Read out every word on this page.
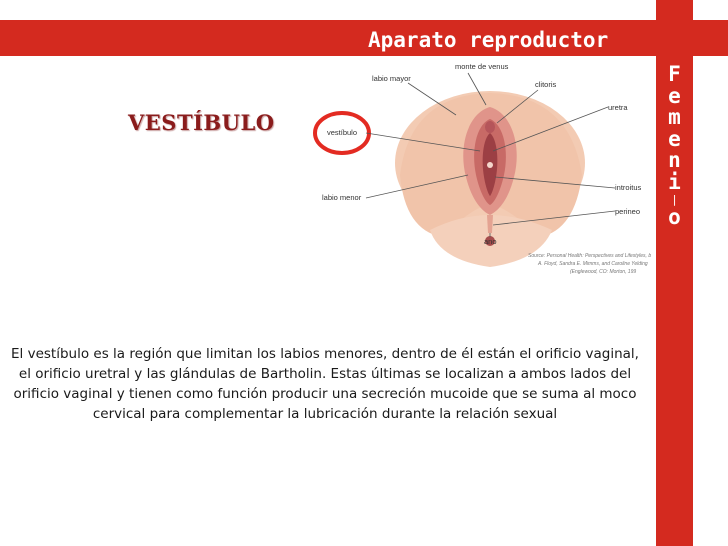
Aparato reproductor
F
e
m
e
n
i
|
o
VESTÍBULO
monte de venus
labio mayor
clitoris
uretra
vestíbulo
introitus
labio menor
perineo
ano
Source: Personal Health: Perspectives and Lifestyles, b
A. Floyd, Sandra E. Mimms, and Caroline Yelding
(Englewood, CO: Morton, 199
El vestíbulo es la región que limitan los labios menores, dentro de él están el orificio vaginal, el orificio uretral y las glándulas de Bartholin. Estas últimas se localizan a ambos lados del orificio vaginal y tienen como función producir una secreción mucoide que se suma al moco cervical para complementar la lubricación durante la relación sexual
